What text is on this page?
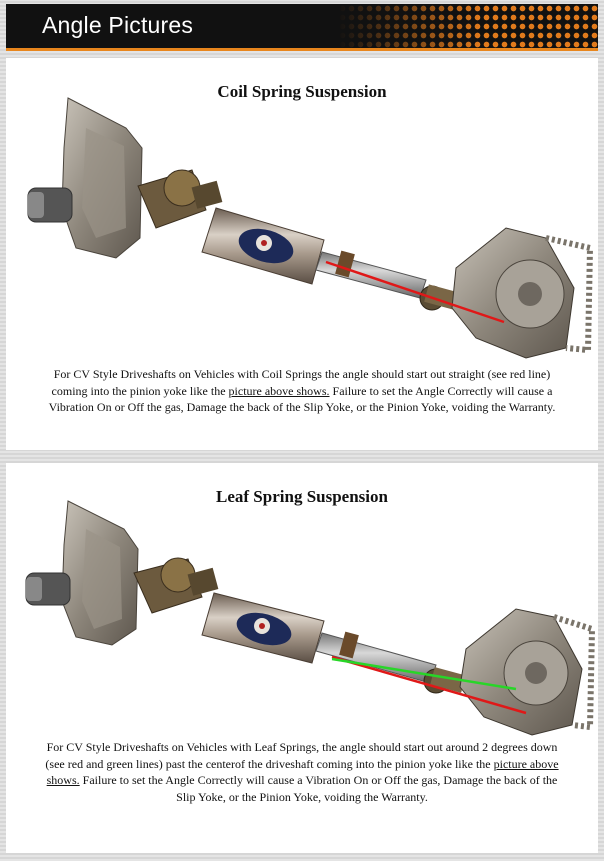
Angle Pictures
Coil Spring Suspension
For CV Style Driveshafts on Vehicles with Coil Springs the angle should start out straight (see red line) coming into the pinion yoke like the picture above shows. Failure to set the Angle Correctly will cause a Vibration On or Off the gas, Damage the back of the Slip Yoke, or the Pinion Yoke, voiding the Warranty.
Leaf Spring Suspension
For CV Style Driveshafts on Vehicles with Leaf Springs, the angle should start out around 2 degrees down (see red and green lines) past the centerof the driveshaft coming into the pinion yoke like the picture above shows. Failure to set the Angle Correctly will cause a Vibration On or Off the gas, Damage the back of the Slip Yoke, or the Pinion Yoke, voiding the Warranty.
